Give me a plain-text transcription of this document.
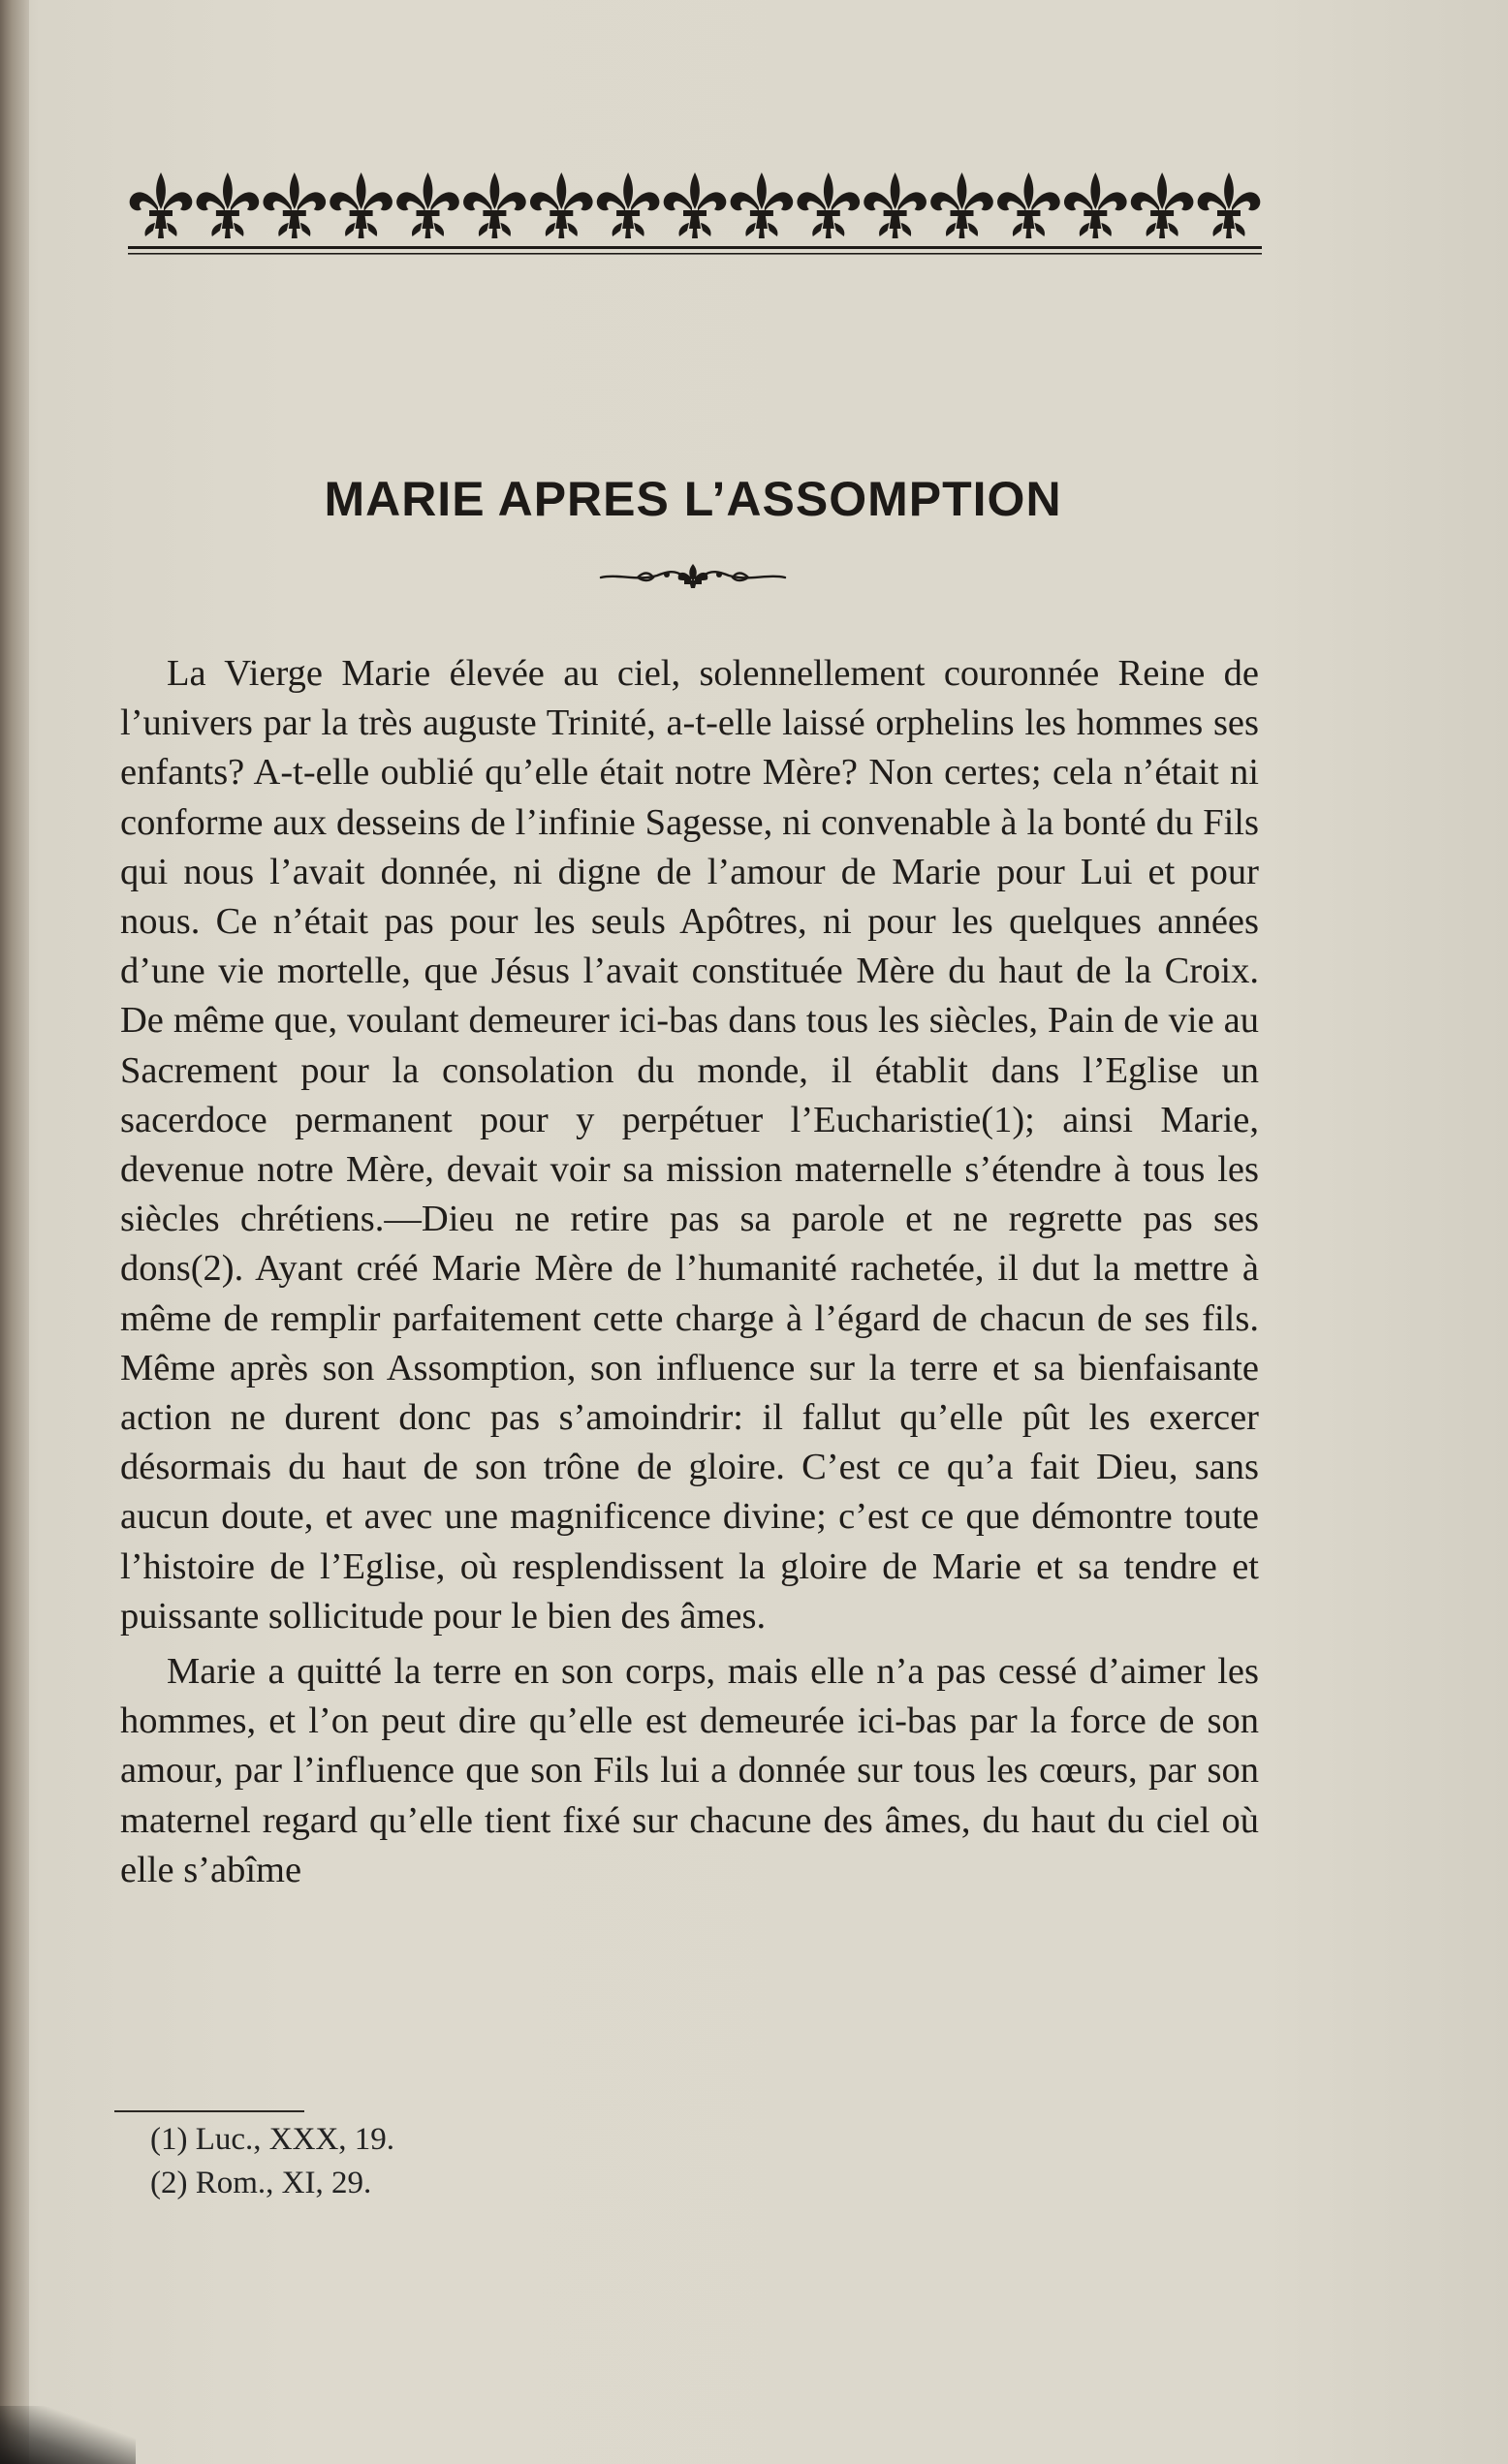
MARIE APRES L’ASSOMPTION

La Vierge Marie élevée au ciel, solennellement couronnée Reine de l’univers par la très auguste Trinité, a-t-elle laissé orphelins les hommes ses enfants? A-t-elle oublié qu’elle était notre Mère? Non certes; cela n’était ni conforme aux desseins de l’infinie Sagesse, ni convenable à la bonté du Fils qui nous l’avait donnée, ni digne de l’amour de Marie pour Lui et pour nous. Ce n’était pas pour les seuls Apôtres, ni pour les quelques années d’une vie mortelle, que Jésus l’avait constituée Mère du haut de la Croix. De même que, voulant demeurer ici-bas dans tous les siècles, Pain de vie au Sacrement pour la consolation du monde, il établit dans l’Eglise un sacerdoce permanent pour y perpétuer l’Eucharistie(1); ainsi Marie, devenue notre Mère, devait voir sa mission maternelle s’étendre à tous les siècles chrétiens.—Dieu ne retire pas sa parole et ne regrette pas ses dons(2). Ayant créé Marie Mère de l’humanité rachetée, il dut la mettre à même de remplir parfaitement cette charge à l’égard de chacun de ses fils. Même après son Assomption, son influence sur la terre et sa bienfaisante action ne durent donc pas s’amoindrir: il fallut qu’elle pût les exercer désormais du haut de son trône de gloire. C’est ce qu’a fait Dieu, sans aucun doute, et avec une magnificence divine; c’est ce que démontre toute l’histoire de l’Eglise, où resplendissent la gloire de Marie et sa tendre et puissante sollicitude pour le bien des âmes.

Marie a quitté la terre en son corps, mais elle n’a pas cessé d’aimer les hommes, et l’on peut dire qu’elle est demeurée ici-bas par la force de son amour, par l’influence que son Fils lui a donnée sur tous les cœurs, par son maternel regard qu’elle tient fixé sur chacune des âmes, du haut du ciel où elle s’abîme

(1) Luc., XXX, 19.
(2) Rom., XI, 29.
